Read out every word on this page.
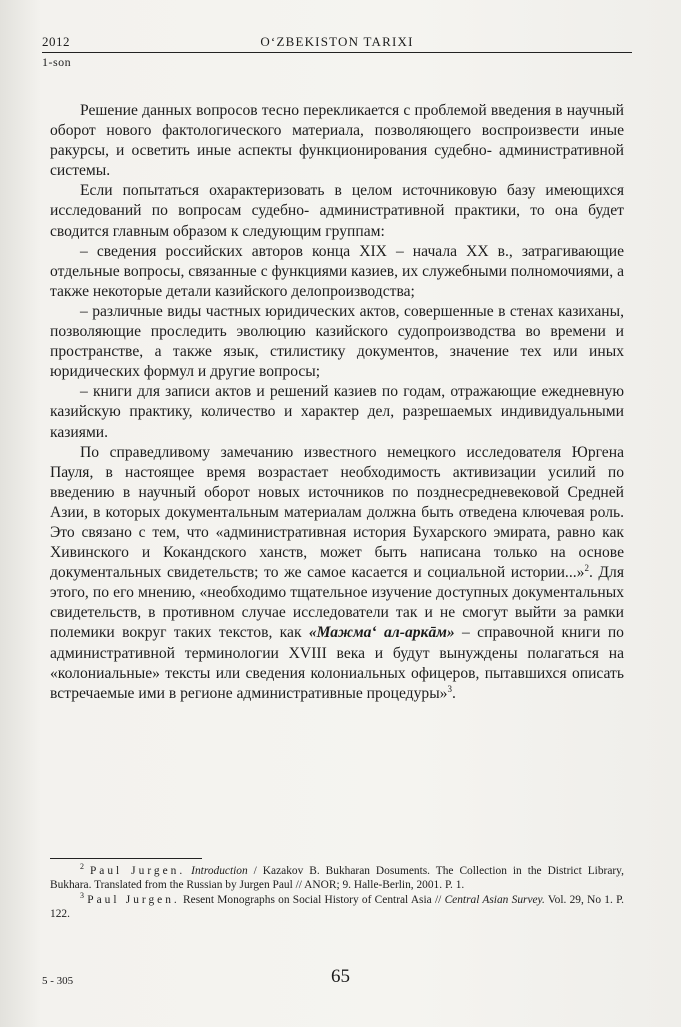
2012	O‘ZBEKISTON TARIXI
1-son

Решение данных вопросов тесно перекликается с проблемой введения в научный оборот нового фактологического материала, позволяющего воспроизвести иные ракурсы, и осветить иные аспекты функционирования судебно- административной системы.

Если попытаться охарактеризовать в целом источниковую базу имеющихся исследований по вопросам судебно- административной практики, то она будет сводится главным образом к следующим группам:

– сведения российских авторов конца XIX – начала XX в., затрагивающие отдельные вопросы, связанные с функциями казиев, их служебными полномочиями, а также некоторые детали казийского делопроизводства;

– различные виды частных юридических актов, совершенные в стенах казиханы, позволяющие проследить эволюцию казийского судопроизводства во времени и пространстве, а также язык, стилистику документов, значение тех или иных юридических формул и другие вопросы;

– книги для записи актов и решений казиев по годам, отражающие ежедневную казийскую практику, количество и характер дел, разрешаемых индивидуальными казиями.

По справедливому замечанию известного немецкого исследователя Юргена Пауля, в настоящее время возрастает необходимость активизации усилий по введению в научный оборот новых источников по позднесредневековой Средней Азии, в которых документальным материалам должна быть отведена ключевая роль. Это связано с тем, что «административная история Бухарского эмирата, равно как Хивинского и Кокандского ханств, может быть написана только на основе документальных свидетельств; то же самое касается и социальной истории...»$^2$. Для этого, по его мнению, «необходимо тщательное изучение доступных документальных свидетельств, в противном случае исследователи так и не смогут выйти за рамки полемики вокруг таких текстов, как «Мажма‘ ал-аркāм» – справочной книги по административной терминологии XVIII века и будут вынуждены полагаться на «колониальные» тексты или сведения колониальных офицеров, пытавшихся описать встречаемые ими в регионе административные процедуры»$^3$.

$^2$ Paul Jurgen. Introduction / Kazakov B. Bukharan Dosuments. The Collection in the District Library, Bukhara. Translated from the Russian by Jurgen Paul // ANOR; 9. Halle-Berlin, 2001. P. 1.

$^3$ Paul Jurgen. Resent Monographs on Social History of Central Asia // Central Asian Survey. Vol. 29, No 1. P. 122.

5 - 305	65
